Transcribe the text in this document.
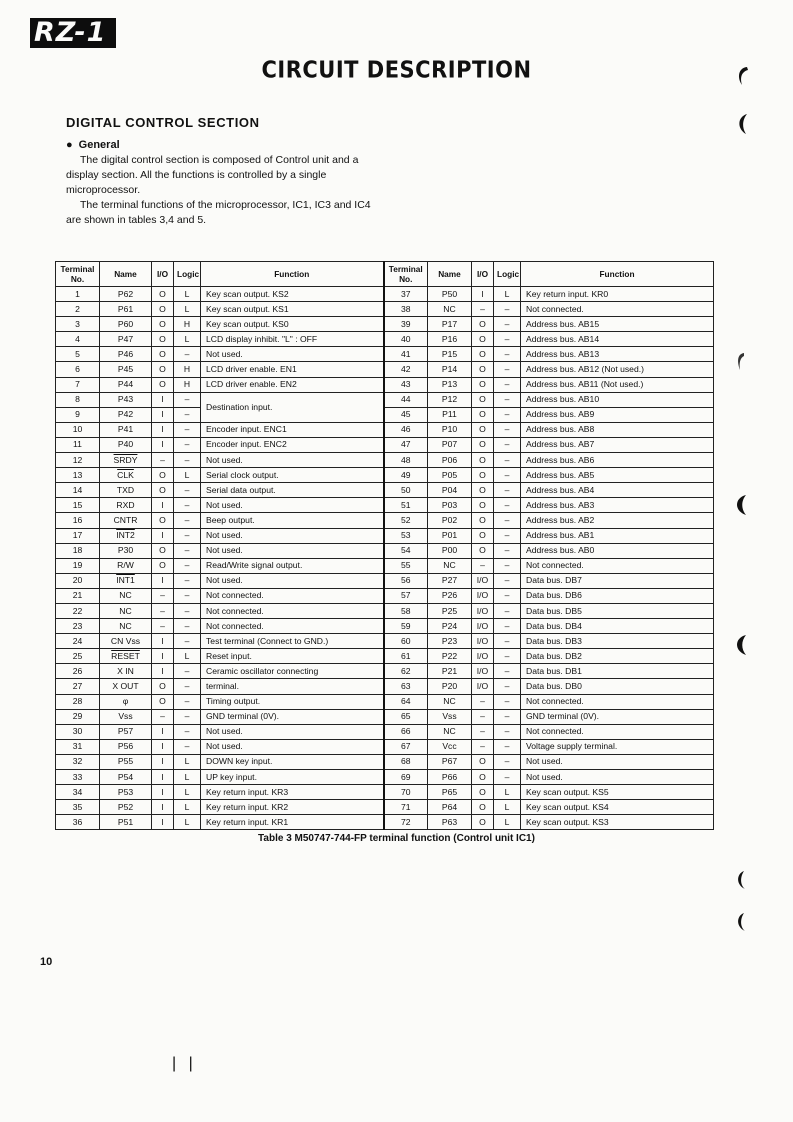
RZ-1
CIRCUIT DESCRIPTION
DIGITAL CONTROL SECTION
● General

The digital control section is composed of Control unit and a display section. All the functions is controlled by a single microprocessor.

The terminal functions of the microprocessor, IC1, IC3 and IC4 are shown in tables 3,4 and 5.

Terminal
No.	Name	I/O	Logic	Function	Terminal
No.	Name	I/O	Logic	Function
1	P62	O	L	Key scan output. KS2	37	P50	I	L	Key return input. KR0
2	P61	O	L	Key scan output. KS1	38	NC	–	–	Not connected.
3	P60	O	H	Key scan output. KS0	39	P17	O	–	Address bus. AB15
4	P47	O	L	LCD display inhibit. "L" : OFF	40	P16	O	–	Address bus. AB14
5	P46	O	–	Not used.	41	P15	O	–	Address bus. AB13
6	P45	O	H	LCD driver enable. EN1	42	P14	O	–	Address bus. AB12 (Not used.)
7	P44	O	H	LCD driver enable. EN2	43	P13	O	–	Address bus. AB11 (Not used.)
8	P43	I	–	Destination input.	44	P12	O	–	Address bus. AB10
9	P42	I	–		45	P11	O	–	Address bus. AB9
10	P41	I	–	Encoder input. ENC1	46	P10	O	–	Address bus. AB8
11	P40	I	–	Encoder input. ENC2	47	P07	O	–	Address bus. AB7
12	SRDY	–	–	Not used.	48	P06	O	–	Address bus. AB6
13	$\overline{CLK}$	O	L	Serial clock output.	49	P05	O	–	Address bus. AB5
14	TXD	O	–	Serial data output.	50	P04	O	–	Address bus. AB4
15	RXD	I	–	Not used.	51	P03	O	–	Address bus. AB3
16	CNTR	O	–	Beep output.	52	P02	O	–	Address bus. AB2
17	INT2	I	–	Not used.	53	P01	O	–	Address bus. AB1
18	P30	O	–	Not used.	54	P00	O	–	Address bus. AB0
19	R/W	O	–	Read/Write signal output.	55	NC	–	–	Not connected.
20	INT1	I	–	Not used.	56	P27	I/O	–	Data bus. DB7
21	NC	–	–	Not connected.	57	P26	I/O	–	Data bus. DB6
22	NC	–	–	Not connected.	58	P25	I/O	–	Data bus. DB5
23	NC	–	–	Not connected.	59	P24	I/O	–	Data bus. DB4
24	CN Vss	I	–	Test terminal (Connect to GND.)	60	P23	I/O	–	Data bus. DB3
25	RESET	I	L	Reset input.	61	P22	I/O	–	Data bus. DB2
26	X IN	I	–	Ceramic oscillator connecting	62	P21	I/O	–	Data bus. DB1
27	X OUT	O	–	terminal.	63	P20	I/O	–	Data bus. DB0
28	φ	O	–	Timing output.	64	NC	–	–	Not connected.
29	Vss	–	–	GND terminal (0V).	65	Vss	–	–	GND terminal (0V).
30	P57	I	–	Not used.	66	NC	–	–	Not connected.
31	P56	I	–	Not used.	67	Vcc	–	–	Voltage supply terminal.
32	P55	I	L	DOWN key input.	68	P67	O	–	Not used.
33	P54	I	L	UP key input.	69	P66	O	–	Not used.
34	P53	I	L	Key return input. KR3	70	P65	O	L	Key scan output. KS5
35	P52	I	L	Key return input. KR2	71	P64	O	L	Key scan output. KS4
36	P51	I	L	Key return input. KR1	72	P63	O	L	Key scan output. KS3
Table 3 M50747-744-FP terminal function (Control unit IC1)
10
| |
